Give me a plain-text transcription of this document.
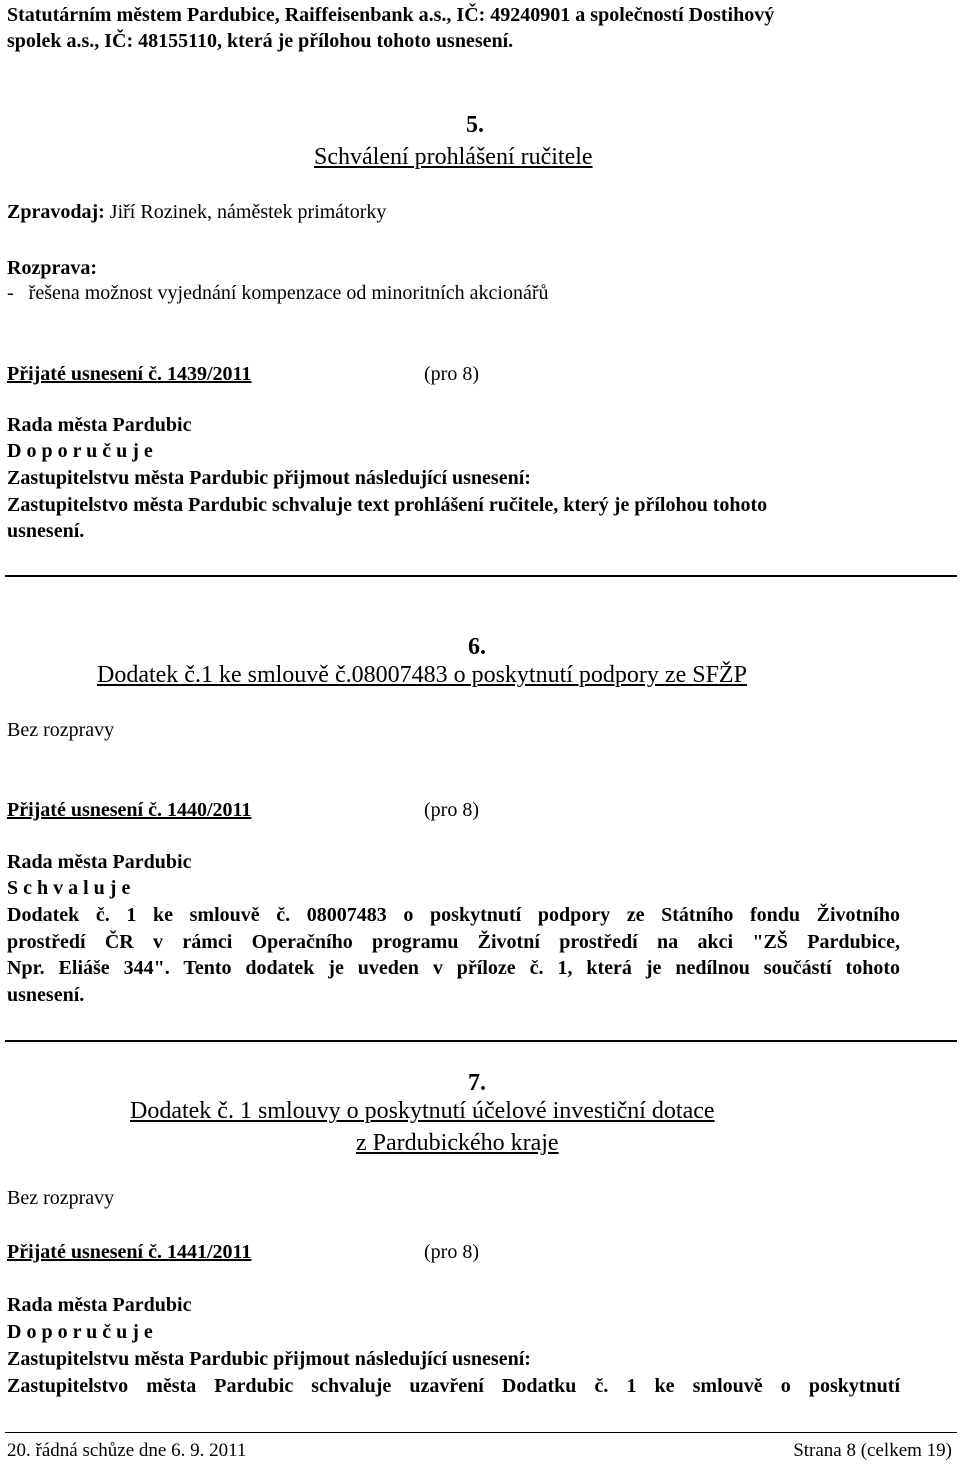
Statutárním městem Pardubice, Raiffeisenbank a.s., IČ: 49240901 a společností Dostihový
spolek a.s., IČ: 48155110, která je přílohou tohoto usnesení.
5.
Schválení prohlášení ručitele
Zpravodaj: Jiří Rozinek, náměstek primátorky
Rozprava:
-   řešena možnost vyjednání kompenzace od minoritních akcionářů
Přijaté usnesení č. 1439/2011	(pro 8)
Rada města Pardubic
D o p o r u č u j e
Zastupitelstvu města Pardubic přijmout následující usnesení:
Zastupitelstvo města Pardubic schvaluje text prohlášení ručitele, který je přílohou tohoto
usnesení.
6.
Dodatek č.1 ke smlouvě č.08007483 o poskytnutí podpory ze SFŽP
Bez rozpravy
Přijaté usnesení č. 1440/2011	(pro 8)
Rada města Pardubic
S c h v a l u j e
Dodatek č. 1 ke smlouvě č. 08007483 o poskytnutí podpory ze Státního fondu Životního
prostředí ČR v rámci Operačního programu Životní prostředí na akci "ZŠ Pardubice,
Npr. Eliáše 344". Tento dodatek je uveden v příloze č. 1, která je nedílnou součástí tohoto
usnesení.
7.
Dodatek č. 1 smlouvy o poskytnutí účelové investiční dotace
z Pardubického kraje
Bez rozpravy
Přijaté usnesení č. 1441/2011	(pro 8)
Rada města Pardubic
D o p o r u č u j e
Zastupitelstvu města Pardubic přijmout následující usnesení:
Zastupitelstvo města Pardubic schvaluje uzavření Dodatku č. 1 ke smlouvě o poskytnutí
20. řádná schůze dne 6. 9. 2011	Strana 8 (celkem 19)
